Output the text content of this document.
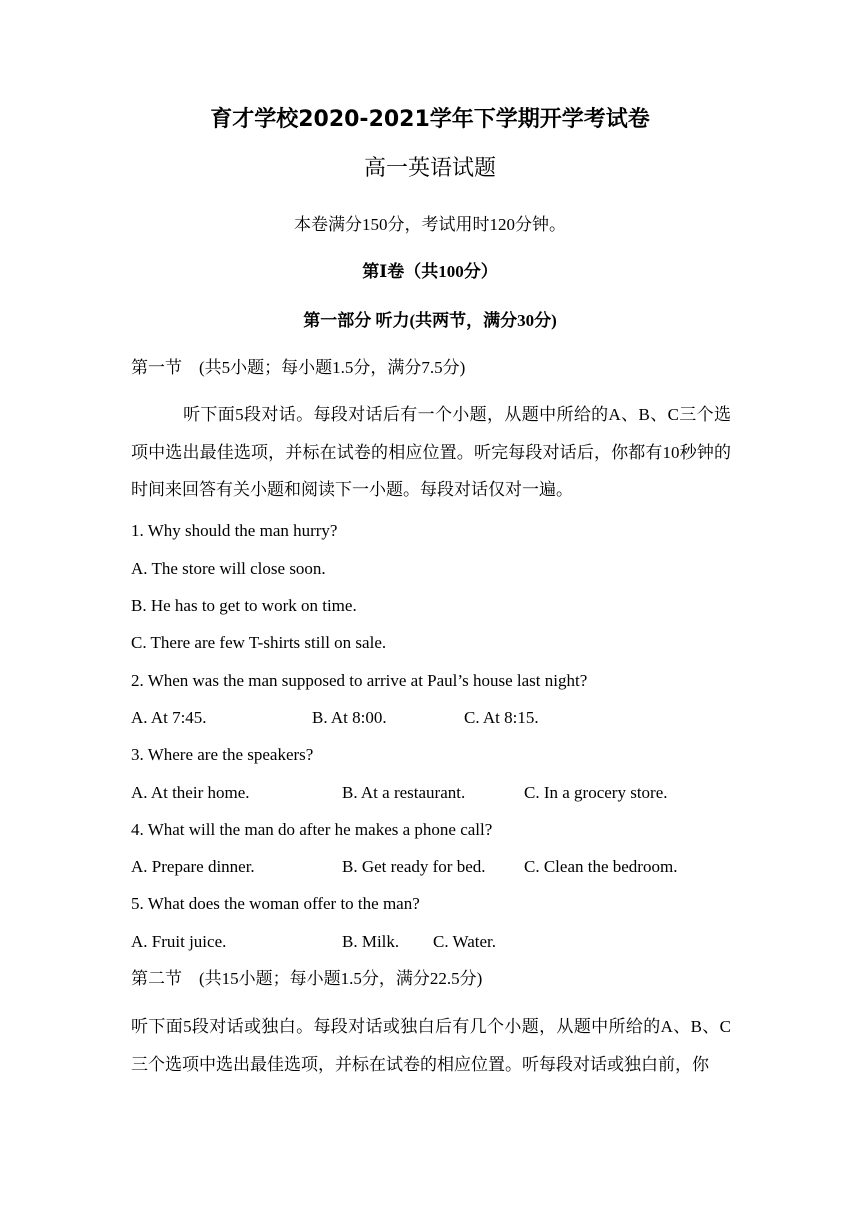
育才学校2020-2021学年下学期开学考试卷
高一英语试题
本卷满分150分，考试用时120分钟。
第Ⅰ卷（共100分）
第一部分 听力(共两节，满分30分)
第一节　(共5小题；每小题1.5分，满分7.5分)
　　　听下面5段对话。每段对话后有一个小题，从题中所给的A、B、C三个选项中选出最佳选项，并标在试卷的相应位置。听完每段对话后，你都有10秒钟的时间来回答有关小题和阅读下一小题。每段对话仅对一遍。
1. Why should the man hurry?
A. The store will close soon.
B. He has to get to work on time.
C. There are few T-shirts still on sale.
2. When was the man supposed to arrive at Paul’s house last night?
A. At 7:45.	B. At 8:00.	C. At 8:15.
3. Where are the speakers?
A. At their home.	B. At a restaurant.	C. In a grocery store.
4. What will the man do after he makes a phone call?
A. Prepare dinner.	B. Get ready for bed. C. Clean the bedroom.
5. What does the woman offer to the man?
A. Fruit juice.	B. Milk. C. Water.
第二节　(共15小题；每小题1.5分，满分22.5分)
听下面5段对话或独白。每段对话或独白后有几个小题，从题中所给的A、B、C三个选项中选出最佳选项，并标在试卷的相应位置。听每段对话或独白前，你
